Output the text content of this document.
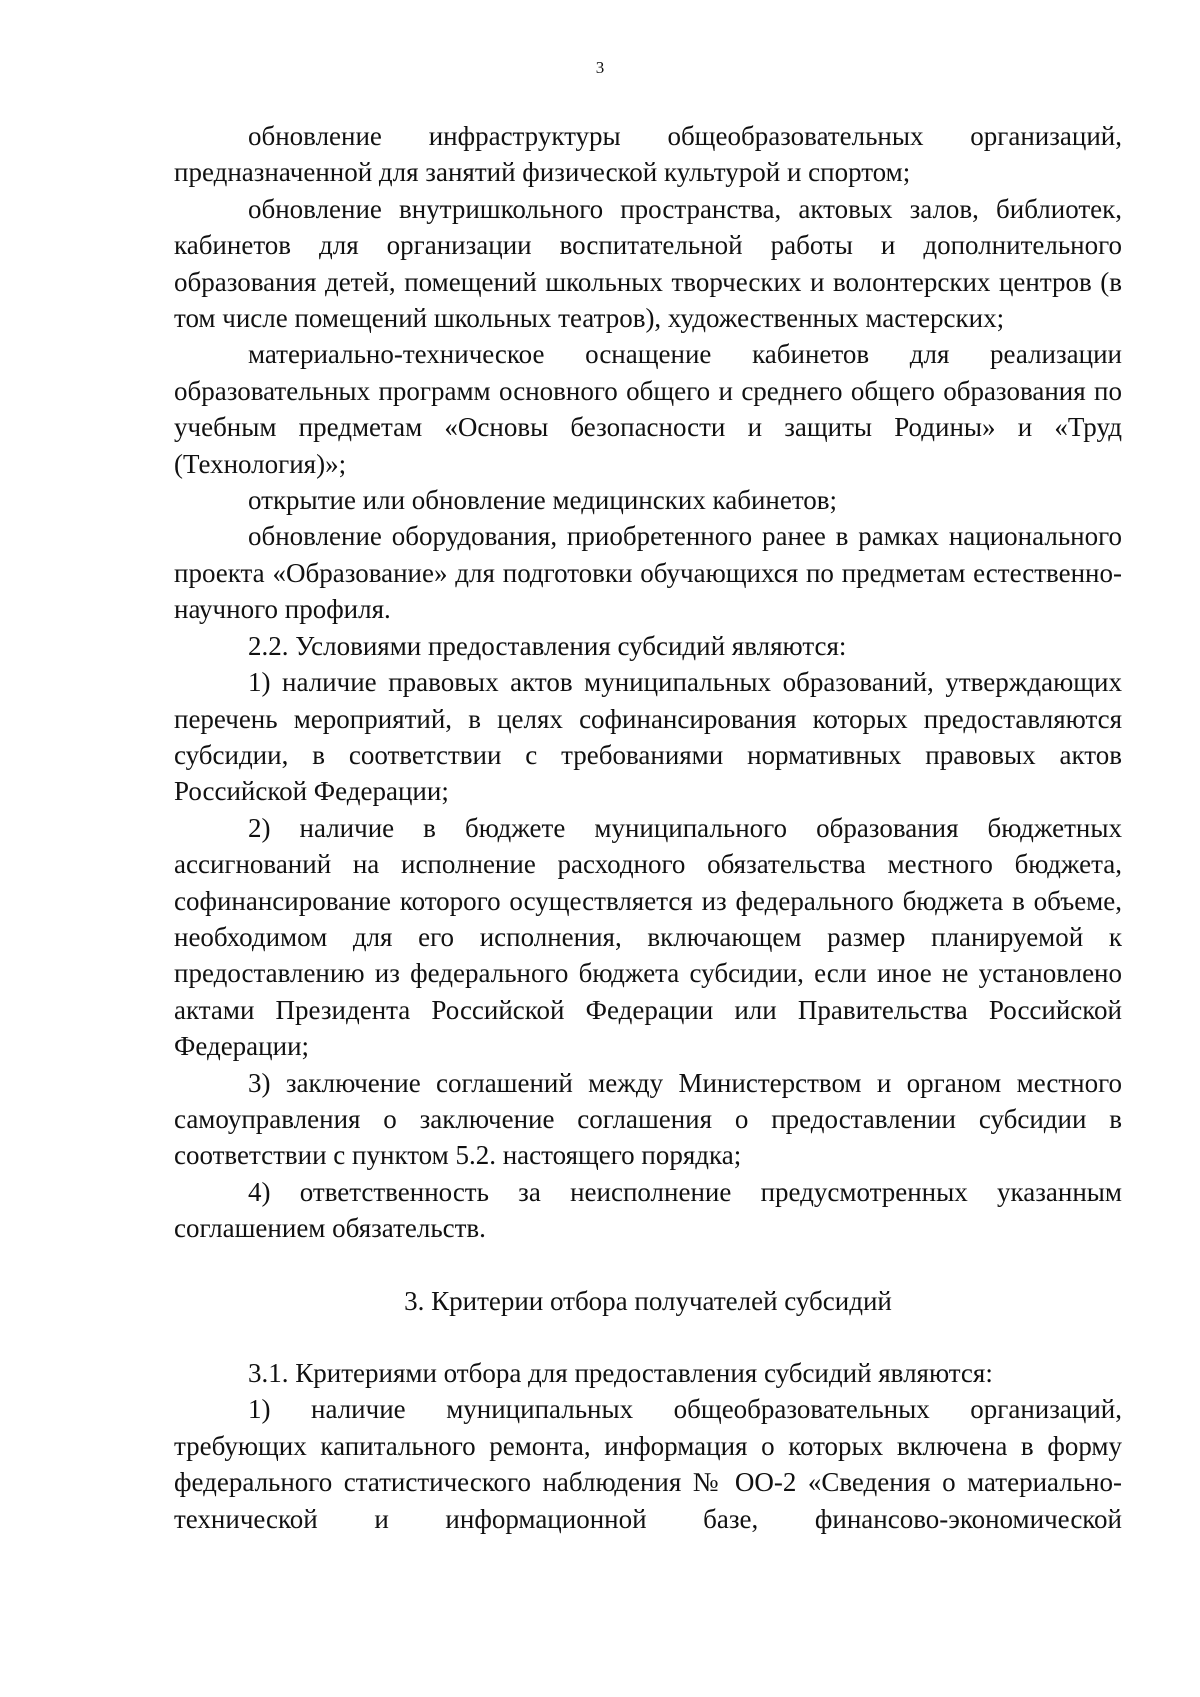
3

обновление инфраструктуры общеобразовательных организаций, предназначенной для занятий физической культурой и спортом;

обновление внутришкольного пространства, актовых залов, библиотек, кабинетов для организации воспитательной работы и дополнительного образования детей, помещений школьных творческих и волонтерских центров (в том числе помещений школьных театров), художественных мастерских;

материально-техническое оснащение кабинетов для реализации образовательных программ основного общего и среднего общего образования по учебным предметам «Основы безопасности и защиты Родины» и «Труд (Технология)»;

открытие или обновление медицинских кабинетов;

обновление оборудования, приобретенного ранее в рамках национального проекта «Образование» для подготовки обучающихся по предметам естественно-научного профиля.

2.2. Условиями предоставления субсидий являются:

1) наличие правовых актов муниципальных образований, утверждающих перечень мероприятий, в целях софинансирования которых предоставляются субсидии, в соответствии с требованиями нормативных правовых актов Российской Федерации;

2) наличие в бюджете муниципального образования бюджетных ассигнований на исполнение расходного обязательства местного бюджета, софинансирование которого осуществляется из федерального бюджета в объеме, необходимом для его исполнения, включающем размер планируемой к предоставлению из федерального бюджета субсидии, если иное не установлено актами Президента Российской Федерации или Правительства Российской Федерации;

3) заключение соглашений между Министерством и органом местного самоуправления о заключение соглашения о предоставлении субсидии в соответствии с пунктом 5.2. настоящего порядка;

4) ответственность за неисполнение предусмотренных указанным соглашением обязательств.

3. Критерии отбора получателей субсидий

3.1. Критериями отбора для предоставления субсидий являются:

1) наличие муниципальных общеобразовательных организаций, требующих капитального ремонта, информация о которых включена в форму федерального статистического наблюдения № ОО-2 «Сведения о материально-технической и информационной базе, финансово-экономической
